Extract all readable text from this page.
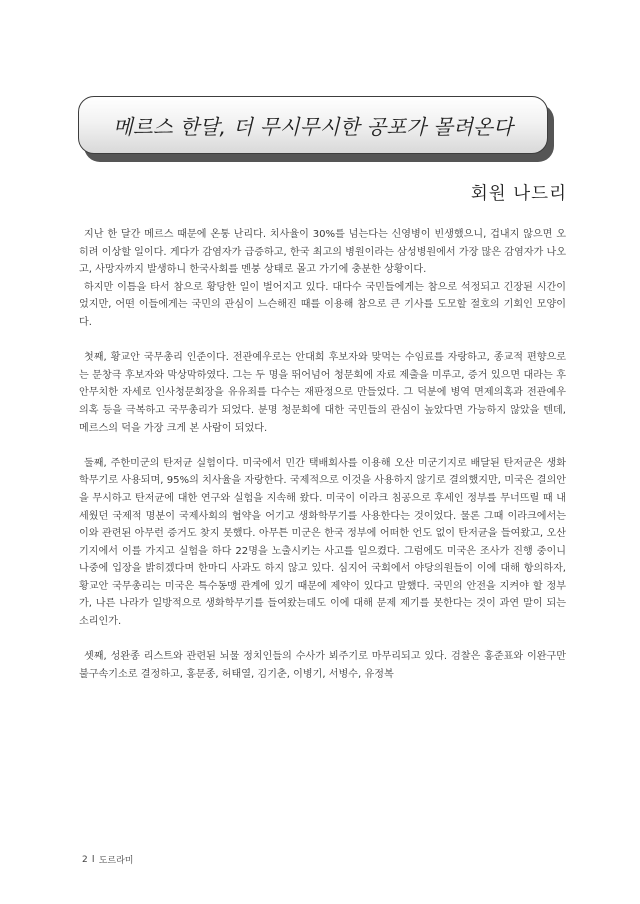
메르스 한달, 더 무시무시한 공포가 몰려온다
회원 나드리

지난 한 달간 메르스 때문에 온통 난리다. 치사율이 30%를 넘는다는 신영병이 빈생했으니, 겁내지 않으면 오히려 이상할 일이다. 게다가 감염자가 급증하고, 한국 최고의 병원이라는 삼성병원에서 가장 많은 감염자가 나오고, 사망자까지 발생하니 한국사회를 멘붕 상태로 몰고 가기에 충분한 상황이다.

하지만 이틈을 타서 참으로 황당한 일이 벌어지고 있다. 대다수 국민들에게는 참으로 석정되고 긴장된 시간이었지만, 어떤 이들에게는 국민의 관심이 느슨해진 때를 이용해 참으로 큰 기사를 도모할 절호의 기회인 모양이다.

첫째, 황교안 국무총리 인준이다. 전관예우로는 안대희 후보자와 맞먹는 수임료를 자랑하고, 종교적 편향으로는 문창극 후보자와 막상막하였다. 그는 두 명을 뛰어넘어 청문회에 자료 제출을 미루고, 증거 있으면 대라는 후안무치한 자세로 인사청문회장을 유유죄를 다수는 재판정으로 만들었다. 그 덕분에 병역 면제의혹과 전관예우 의혹 등을 극복하고 국무총리가 되었다. 분명 청문회에 대한 국민들의 관심이 높았다면 가능하지 않았을 텐데, 메르스의 덕을 가장 크게 본 사람이 되었다.

둘째, 주한미군의 탄저균 실험이다. 미국에서 민간 택배회사를 이용해 오산 미군기지로 배달된 탄저균은 생화학무기로 사용되며, 95%의 치사율을 자랑한다. 국제적으로 이것을 사용하지 않기로 결의했지만, 미국은 결의안을 무시하고 탄저균에 대한 연구와 실험을 지속해 왔다. 미국이 이라크 침공으로 후세인 정부를 무너뜨릴 때 내세웠던 국제적 명분이 국제사회의 협약을 어기고 생화학무기를 사용한다는 것이었다. 물론 그때 이라크에서는 이와 관련된 아무런 증거도 찾지 못했다. 아무튼 미군은 한국 정부에 어떠한 언도 없이 탄저균을 들여왔고, 오산 기지에서 이를 가지고 실험을 하다 22명을 노출시키는 사고를 일으켰다. 그럼에도 미국은 조사가 진행 중이니 나중에 입장을 밝히겠다며 한마디 사과도 하지 않고 있다. 심지어 국회에서 야당의원들이 이에 대해 항의하자, 황교안 국무총리는 미국은 특수동맹 관계에 있기 때문에 제약이 있다고 말했다. 국민의 안전을 지켜야 할 정부가, 나른 나라가 일방적으로 생화학무기를 들여왔는데도 이에 대해 문제 제기를 못한다는 것이 과연 말이 되는 소리인가.

셋째, 성완종 리스트와 관련된 뇌물 정치인들의 수사가 뵈주기로 마무리되고 있다. 검찰은 홍준표와 이완구만 불구속기소로 결정하고, 홍문종, 허태열, 김기춘, 이병기, 서병수, 유정복

2 I 도르라미
